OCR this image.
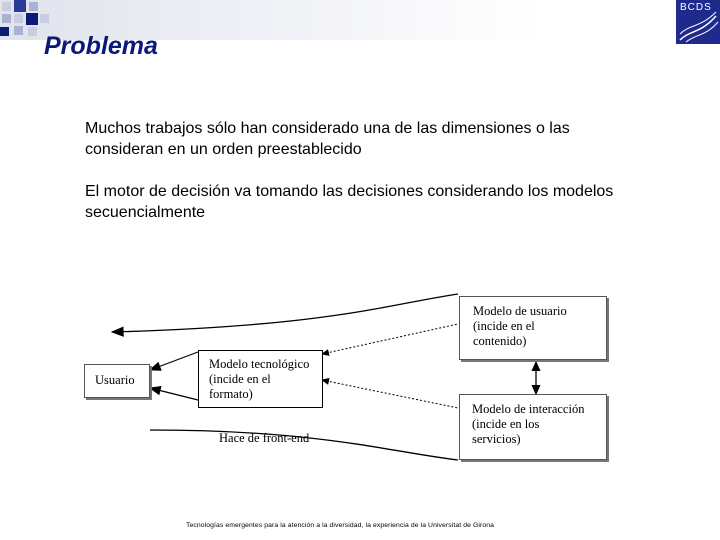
BCDS
Problema
Muchos trabajos sólo han considerado una de las dimensiones o las consideran en un orden preestablecido
El motor de decisión va tomando las decisiones considerando los modelos secuencialmente
Usuario
Modelo tecnológico
(incide en el
formato)
Modelo de usuario
(incide en el
contenido)
Modelo de interacción
(incide en los
servicios)
Hace de front-end
Tecnologías emergentes para la atención a la diversidad, la experiencia de la Universitat de Girona
